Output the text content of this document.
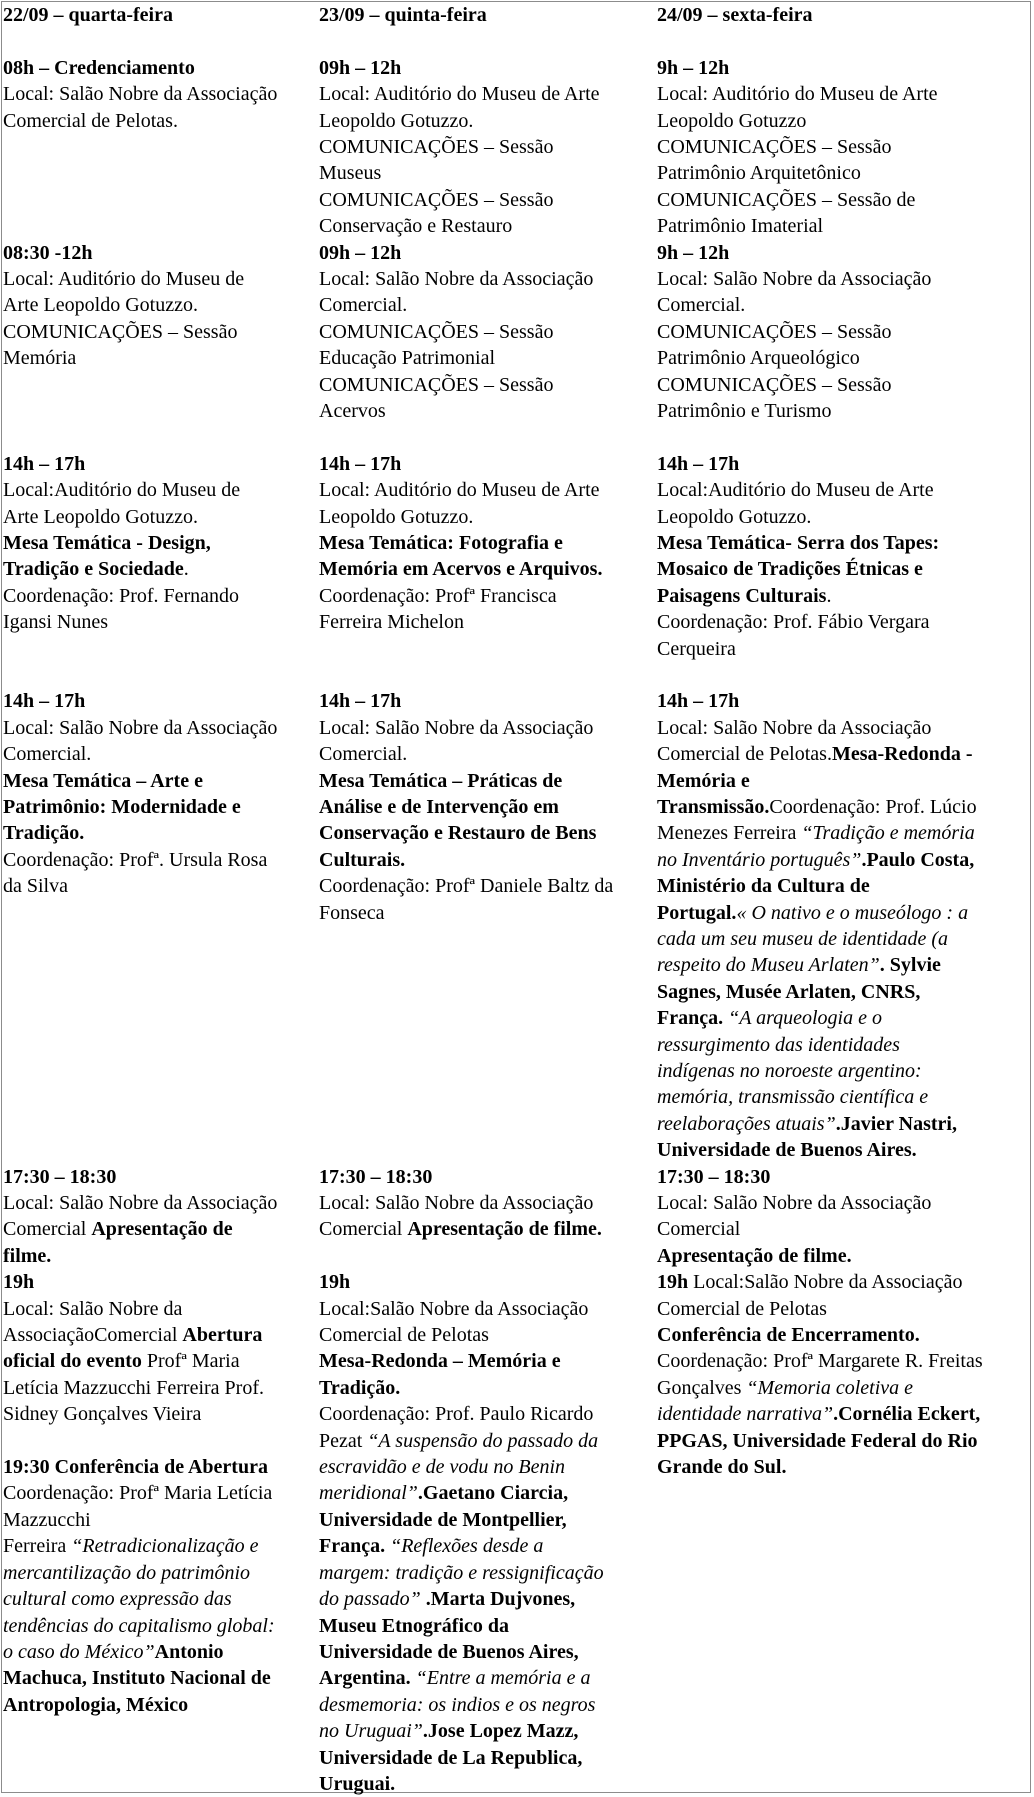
22/09 – quarta-feira
08h – Credenciamento
Local: Salão Nobre da Associação
Comercial de Pelotas.
08:30 -12h
Local: Auditório do Museu de
Arte Leopoldo Gotuzzo.
COMUNICAÇÕES – Sessão
Memória
14h – 17h
Local:Auditório do Museu de
Arte Leopoldo Gotuzzo.
Mesa Temática - Design,
Tradição e Sociedade.
Coordenação: Prof. Fernando
Igansi Nunes
14h – 17h
Local: Salão Nobre da Associação
Comercial.
Mesa Temática – Arte e
Patrimônio: Modernidade e
Tradição.
Coordenação: Profª. Ursula Rosa
da Silva
17:30 – 18:30
Local: Salão Nobre da Associação
Comercial Apresentação de
filme.
19h
Local: Salão Nobre da
AssociaçãoComercial Abertura
oficial do evento Profª Maria
Letícia Mazzucchi Ferreira Prof.
Sidney Gonçalves Vieira

19:30 Conferência de Abertura
Coordenação: Profª Maria Letícia
Mazzucchi
Ferreira “Retradicionalização e
mercantilização do patrimônio
cultural como expressão das
tendências do capitalismo global:
o caso do México”Antonio
Machuca, Instituto Nacional de
Antropologia, México
23/09 – quinta-feira
09h – 12h
Local: Auditório do Museu de Arte
Leopoldo Gotuzzo.
COMUNICAÇÕES – Sessão
Museus
COMUNICAÇÕES – Sessão
Conservação e Restauro
09h – 12h
Local: Salão Nobre da Associação
Comercial.
COMUNICAÇÕES – Sessão
Educação Patrimonial
COMUNICAÇÕES – Sessão
Acervos
14h – 17h
Local: Auditório do Museu de Arte
Leopoldo Gotuzzo.
Mesa Temática: Fotografia e
Memória em Acervos e Arquivos.
Coordenação: Profª Francisca
Ferreira Michelon
14h – 17h
Local: Salão Nobre da Associação
Comercial.
Mesa Temática – Práticas de
Análise e de Intervenção em
Conservação e Restauro de Bens
Culturais.
Coordenação: Profª Daniele Baltz da
Fonseca
17:30 – 18:30
Local: Salão Nobre da Associação
Comercial Apresentação de filme.

19h
Local:Salão Nobre da Associação
Comercial de Pelotas
Mesa-Redonda – Memória e
Tradição.
Coordenação: Prof. Paulo Ricardo
Pezat “A suspensão do passado da
escravidão e de vodu no Benin
meridional”.Gaetano Ciarcia,
Universidade de Montpellier,
França. “Reflexões desde a
margem: tradição e ressignificação
do passado” .Marta Dujvones,
Museu Etnográfico da
Universidade de Buenos Aires,
Argentina. “Entre a memória e a
desmemoria: os indios e os negros
no Uruguai”.Jose Lopez Mazz,
Universidade de La Republica,
Uruguai.
24/09 – sexta-feira
9h – 12h
Local: Auditório do Museu de Arte
Leopoldo Gotuzzo
COMUNICAÇÕES – Sessão
Patrimônio Arquitetônico
COMUNICAÇÕES – Sessão de
Patrimônio Imaterial
9h – 12h
Local: Salão Nobre da Associação
Comercial.
COMUNICAÇÕES – Sessão
Patrimônio Arqueológico
COMUNICAÇÕES – Sessão
Patrimônio e Turismo
14h – 17h
Local:Auditório do Museu de Arte
Leopoldo Gotuzzo.
Mesa Temática- Serra dos Tapes:
Mosaico de Tradições Étnicas e
Paisagens Culturais.
Coordenação: Prof. Fábio Vergara
Cerqueira
14h – 17h
Local: Salão Nobre da Associação
Comercial de Pelotas.Mesa-Redonda -
Memória e
Transmissão.Coordenação: Prof. Lúcio
Menezes Ferreira “Tradição e memória
no Inventário português”.Paulo Costa,
Ministério da Cultura de
Portugal.« O nativo e o museólogo : a
cada um seu museu de identidade (a
respeito do Museu Arlaten”. Sylvie
Sagnes, Musée Arlaten, CNRS,
França. “A arqueologia e o
ressurgimento das identidades
indígenas no noroeste argentino:
memória, transmissão científica e
reelaborações atuais”.Javier Nastri,
Universidade de Buenos Aires.
17:30 – 18:30
Local: Salão Nobre da Associação
Comercial
Apresentação de filme.
19h Local:Salão Nobre da Associação
Comercial de Pelotas
Conferência de Encerramento.
Coordenação: Profª Margarete R. Freitas
Gonçalves “Memoria coletiva e
identidade narrativa”.Cornélia Eckert,
PPGAS, Universidade Federal do Rio
Grande do Sul.
